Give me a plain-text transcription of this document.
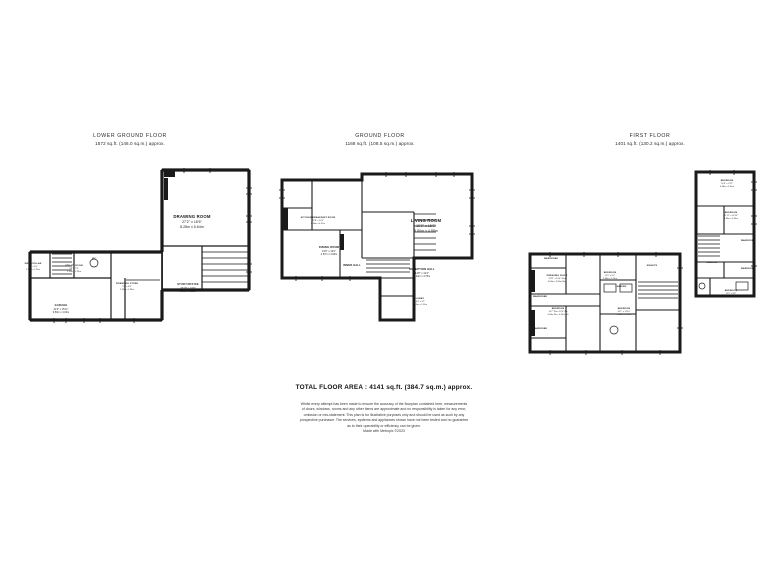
LOWER GROUND FLOOR
1572 sq.ft. (146.0 sq.m.) approx.
DRAWING ROOM
27'2" x 18'6"
8.28m x 5.64m
STUDY/OFFICE
26'18" x 10'9"
6.09m x 3.28m
GARAGE
31'6" x 15'11"
9.59m x 4.64m
UTILITY ROOM
8'6" x 7'6"
2.59m x 2.29m
WINE CELLAR
8'6" x 5'0"
2.59m x 1.52m
FIREWOOD STORE
9'8" x 6'6"
2.95m x 1.98m
WC
GROUND FLOOR
1168 sq.ft. (108.5 sq.m.) approx.
LIVING ROOM
19'0" x 15'0"
5.80m x 4.88m
KITCHEN/BREAKFAST ROOM
22'8" x 14'5"
6.90m x 4.07m
DINING ROOM
15'0" x 13'0"
4.57m x 3.96m
RECEPTION HALL
14'8" x 12'4"
4.44m x 3.76m
INNER HALL
LOBBY
10'4" x 5'1"
3.15m x 1.55m
FIRST FLOOR
1401 sq.ft. (130.2 sq.m.) approx.
BEDROOM
16'4" x 9'11"
4.98m x 3.01m
BEDROOM
11'11" x 10'10"
3.63m x 3.30m
BEDROOM
11'5" x 8'8"
3.48m x 2.65m
WARDROBE
WARDROBE
LANDING
BEDROOM
20'1" x 12'10"
6.60m x 3.92m
BEDROOM
14'7" Wx x 13'0" Wx
4.94m Wx x 3.95m Wx
DRESSING ROOM
11'11" x 10'0" Max
3.64m x 3.06m Max
BEDROOM
11'5" x 9'0"
3.48m x 2.74m
WARDROBE
WARDROBE
WARDROBE
LANDING
ENSUITE
TOTAL FLOOR AREA : 4141 sq.ft. (384.7 sq.m.) approx.
Whilst every attempt has been made to ensure the accuracy of the floorplan contained here, measurements
of doors, windows, rooms and any other items are approximate and no responsibility is taken for any error,
omission or mis-statement. This plan is for illustrative purposes only and should be used as such by any
prospective purchaser. The services, systems and appliances shown have not been tested and no guarantee
as to their operability or efficiency can be given.
Made with Metropix ©2023
